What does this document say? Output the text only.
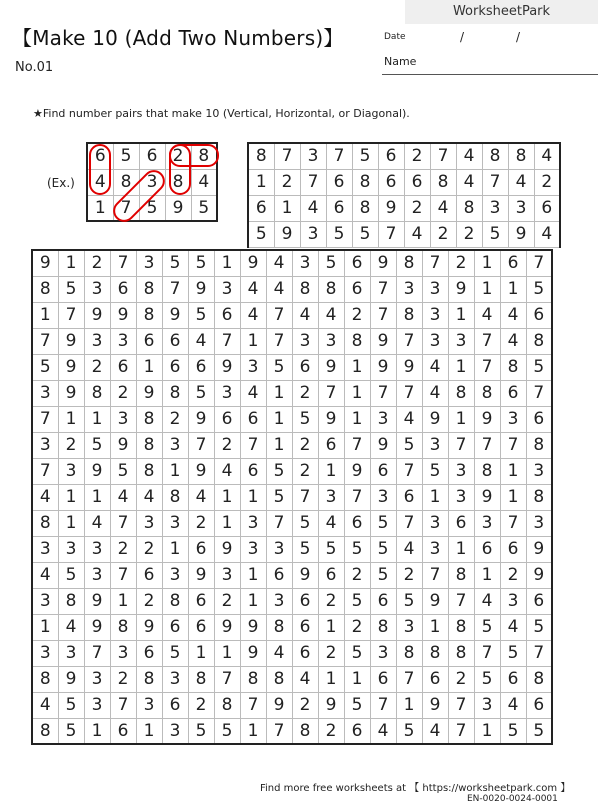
WorksheetPark
【Make 10 (Add Two Numbers)】
No.01
Date	/	/
Name
★Find number pairs that make 10 (Vertical, Horizontal, or Diagonal).
(Ex.)
6	5	6	2	8
4	8	3	8	4
1	7	5	9	5
8	7	3	7	5	6	2	7	4	8	8	4
1	2	7	6	8	6	6	8	4	7	4	2
6	1	4	6	8	9	2	4	8	3	3	6
5	9	3	5	5	7	4	2	2	5	9	4
9	1	2	7	3	5	5	1	9	4	3	5	6	9	8	7	2	1	6	7
8	5	3	6	8	7	9	3	4	4	8	8	6	7	3	3	9	1	1	5
1	7	9	9	8	9	5	6	4	7	4	4	2	7	8	3	1	4	4	6
7	9	3	3	6	6	4	7	1	7	3	3	8	9	7	3	3	7	4	8
5	9	2	6	1	6	6	9	3	5	6	9	1	9	9	4	1	7	8	5
3	9	8	2	9	8	5	3	4	1	2	7	1	7	7	4	8	8	6	7
7	1	1	3	8	2	9	6	6	1	5	9	1	3	4	9	1	9	3	6
3	2	5	9	8	3	7	2	7	1	2	6	7	9	5	3	7	7	7	8
7	3	9	5	8	1	9	4	6	5	2	1	9	6	7	5	3	8	1	3
4	1	1	4	4	8	4	1	1	5	7	3	7	3	6	1	3	9	1	8
8	1	4	7	3	3	2	1	3	7	5	4	6	5	7	3	6	3	7	3
3	3	3	2	2	1	6	9	3	3	5	5	5	5	4	3	1	6	6	9
4	5	3	7	6	3	9	3	1	6	9	6	2	5	2	7	8	1	2	9
3	8	9	1	2	8	6	2	1	3	6	2	5	6	5	9	7	4	3	6
1	4	9	8	9	6	6	9	9	8	6	1	2	8	3	1	8	5	4	5
3	3	7	3	6	5	1	1	9	4	6	2	5	3	8	8	8	7	5	7
8	9	3	2	8	3	8	7	8	8	4	1	1	6	7	6	2	5	6	8
4	5	3	7	3	6	2	8	7	9	2	9	5	7	1	9	7	3	4	6
8	5	1	6	1	3	5	5	1	7	8	2	6	4	5	4	7	1	5	5
Find more free worksheets at 【 https://worksheetpark.com 】
EN-0020-0024-0001
